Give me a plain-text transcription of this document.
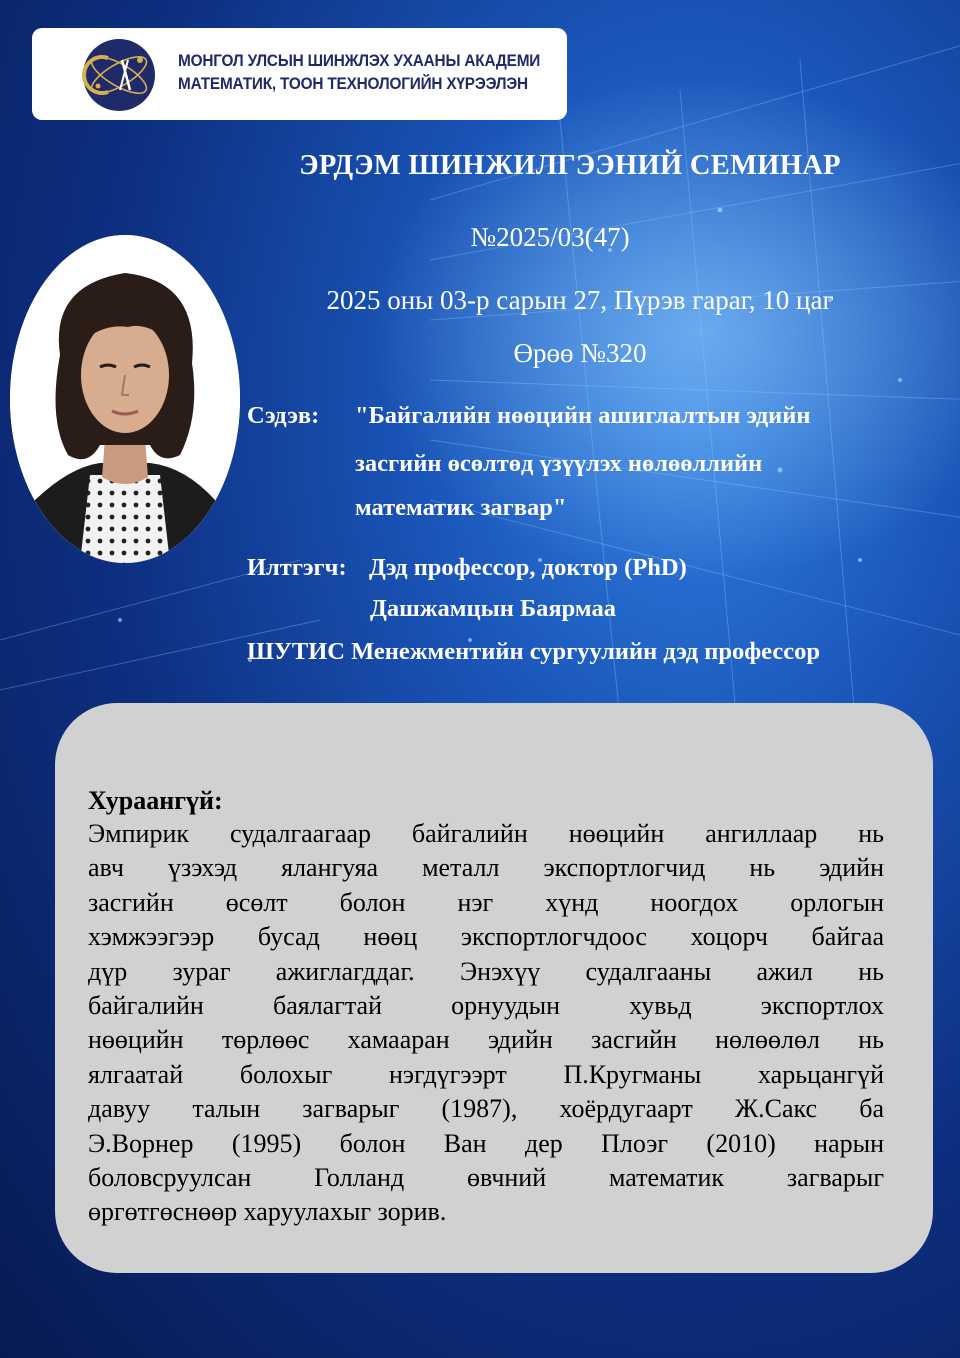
МОНГОЛ УЛСЫН ШИНЖЛЭХ УХААНЫ АКАДЕМИ
МАТЕМАТИК, ТООН ТЕХНОЛОГИЙН ХҮРЭЭЛЭН
ЭРДЭМ ШИНЖИЛГЭЭНИЙ СЕМИНАР
№2025/03(47)
2025 оны 03-р сарын 27, Пүрэв гараг, 10 цаг
Өрөө №320
Сэдэв: "Байгалийн нөөцийн ашиглалтын эдийн
засгийн өсөлтөд үзүүлэх нөлөөллийн
математик загвар"
Илтгэгч: Дэд профессор, доктор (PhD)
Дашжамцын Баярмаа
ШУТИС Менежментийн сургуулийн дэд профессор
Хураангүй:
Эмпирик судалгаагаар байгалийн нөөцийн ангиллаар нь
авч үзэхэд ялангуяа металл экспортлогчид нь эдийн
засгийн өсөлт болон нэг хүнд ноогдох орлогын
хэмжээгээр бусад нөөц экспортлогчдоос хоцорч байгаа
дүр зураг ажиглагддаг. Энэхүү судалгааны ажил нь
байгалийн баялагтай орнуудын хувьд экспортлох
нөөцийн төрлөөс хамааран эдийн засгийн нөлөөлөл нь
ялгаатай болохыг нэгдүгээрт П.Кругманы харьцангүй
давуу талын загварыг (1987), хоёрдугаарт Ж.Сакс ба
Э.Ворнер (1995) болон Ван дер Плоэг (2010) нарын
боловсруулсан Голланд өвчний математик загварыг
өргөтгөснөөр харуулахыг зорив.
